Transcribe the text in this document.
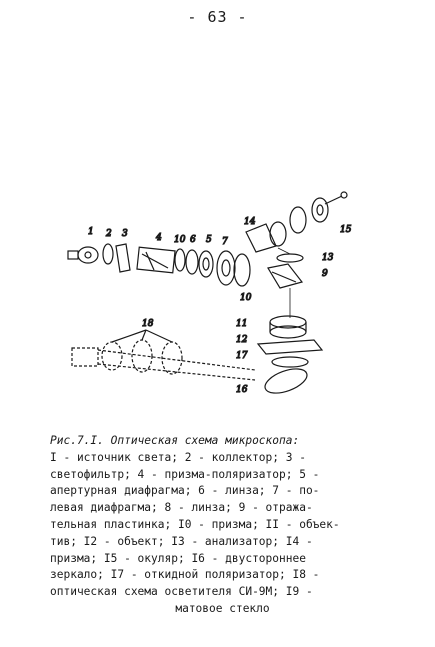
- 63 -
1 2 3	4 10 6 5 7
14
15
13
9
10
11
12
17
16
18
Рис.7.I. Оптическая схема микроскопа:
I - источник света; 2 - коллектор; 3 -
светофильтр; 4 - призма-поляризатор; 5 -
апертурная диафрагма; 6 - линза; 7 - по-
левая диафрагма; 8 - линза; 9 - отража-
тельная пластинка; I0 - призма; II - объек-
тив; I2 - объект; I3 - анализатор; I4 -
призма; I5 - окуляр; I6 - двустороннее
зеркало; I7 - откидной поляризатор; I8 -
оптическая схема осветителя СИ-9М; I9 -
матовое стекло
